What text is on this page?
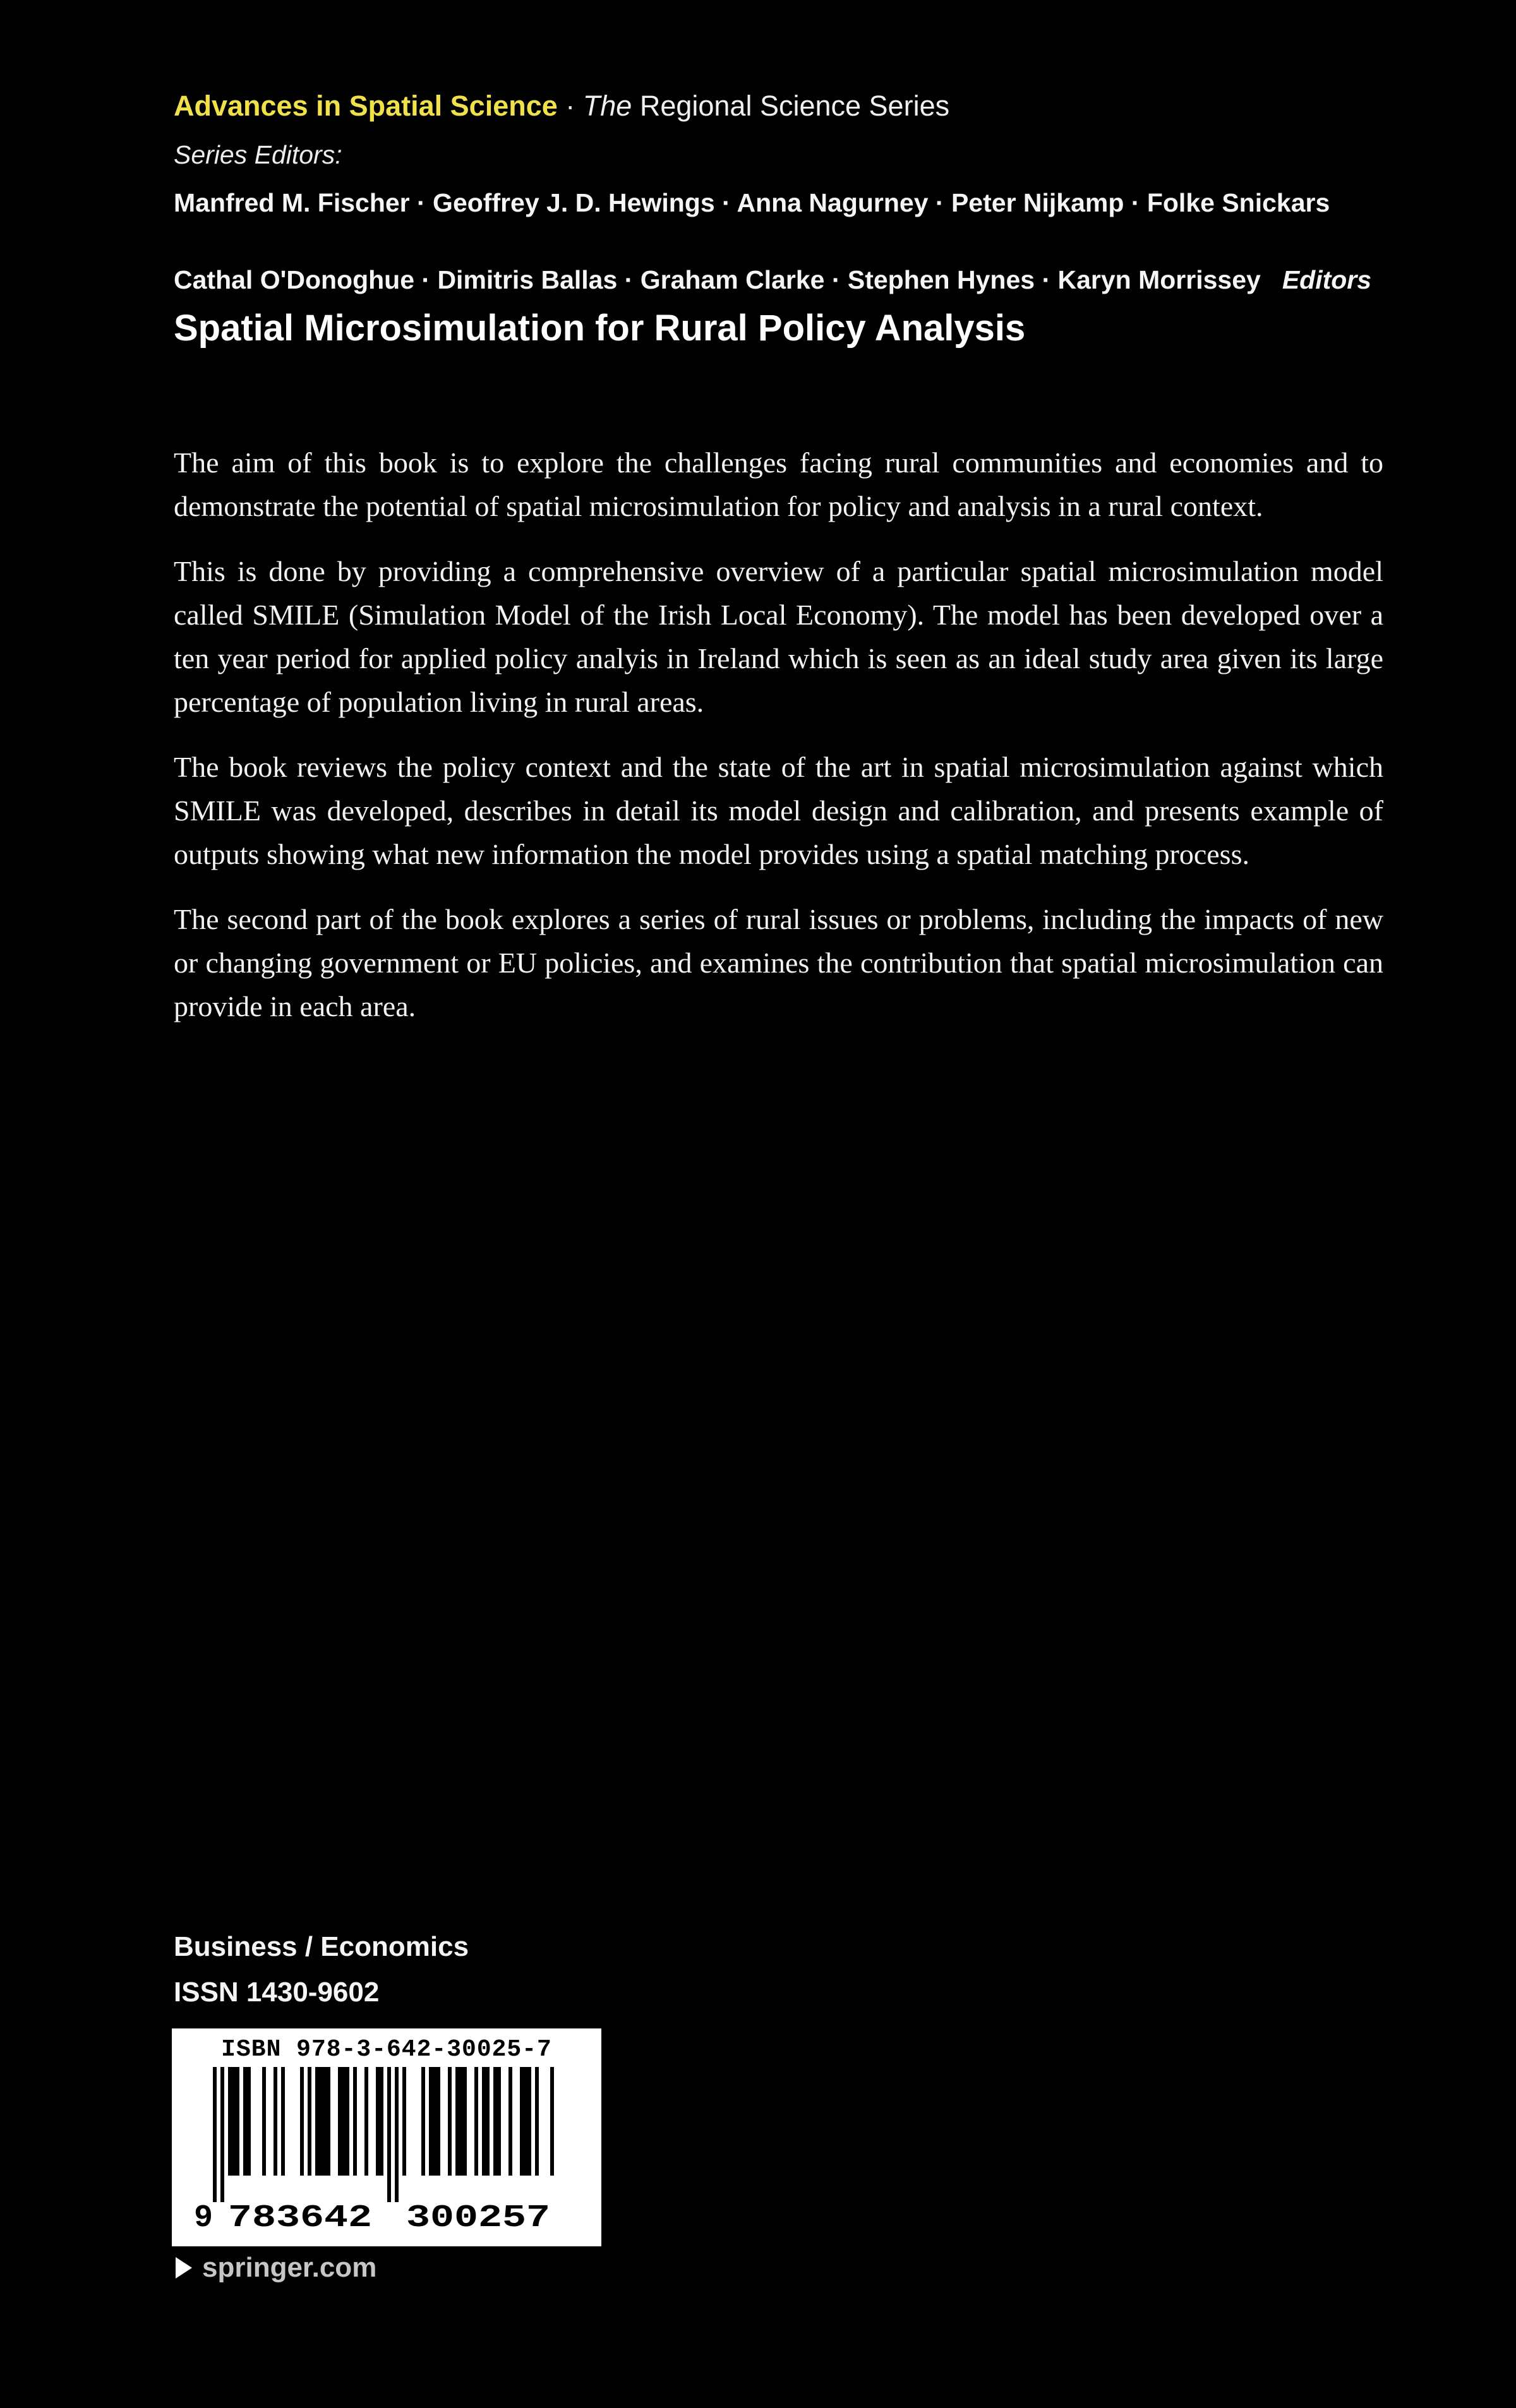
Advances in Spatial Science · The Regional Science Series
Series Editors:
Manfred M. Fischer · Geoffrey J. D. Hewings · Anna Nagurney · Peter Nijkamp · Folke Snickars
Cathal O'Donoghue · Dimitris Ballas · Graham Clarke · Stephen Hynes · Karyn Morrissey Editors
Spatial Microsimulation for Rural Policy Analysis

The aim of this book is to explore the challenges facing rural communities and economies and to demonstrate the potential of spatial microsimulation for policy and analysis in a rural context.

This is done by providing a comprehensive overview of a particular spatial microsimulation model called SMILE (Simulation Model of the Irish Local Economy). The model has been developed over a ten year period for applied policy analyis in Ireland which is seen as an ideal study area given its large percentage of population living in rural areas.

The book reviews the policy context and the state of the art in spatial microsimulation against which SMILE was developed, describes in detail its model design and calibration, and presents example of outputs showing what new information the model provides using a spatial matching process.

The second part of the book explores a series of rural issues or problems, including the impacts of new or changing government or EU policies, and examines the contribution that spatial microsimulation can provide in each area.

Business / Economics
ISSN 1430-9602
ISBN 978-3-642-30025-7
9 783642 300257
springer.com
